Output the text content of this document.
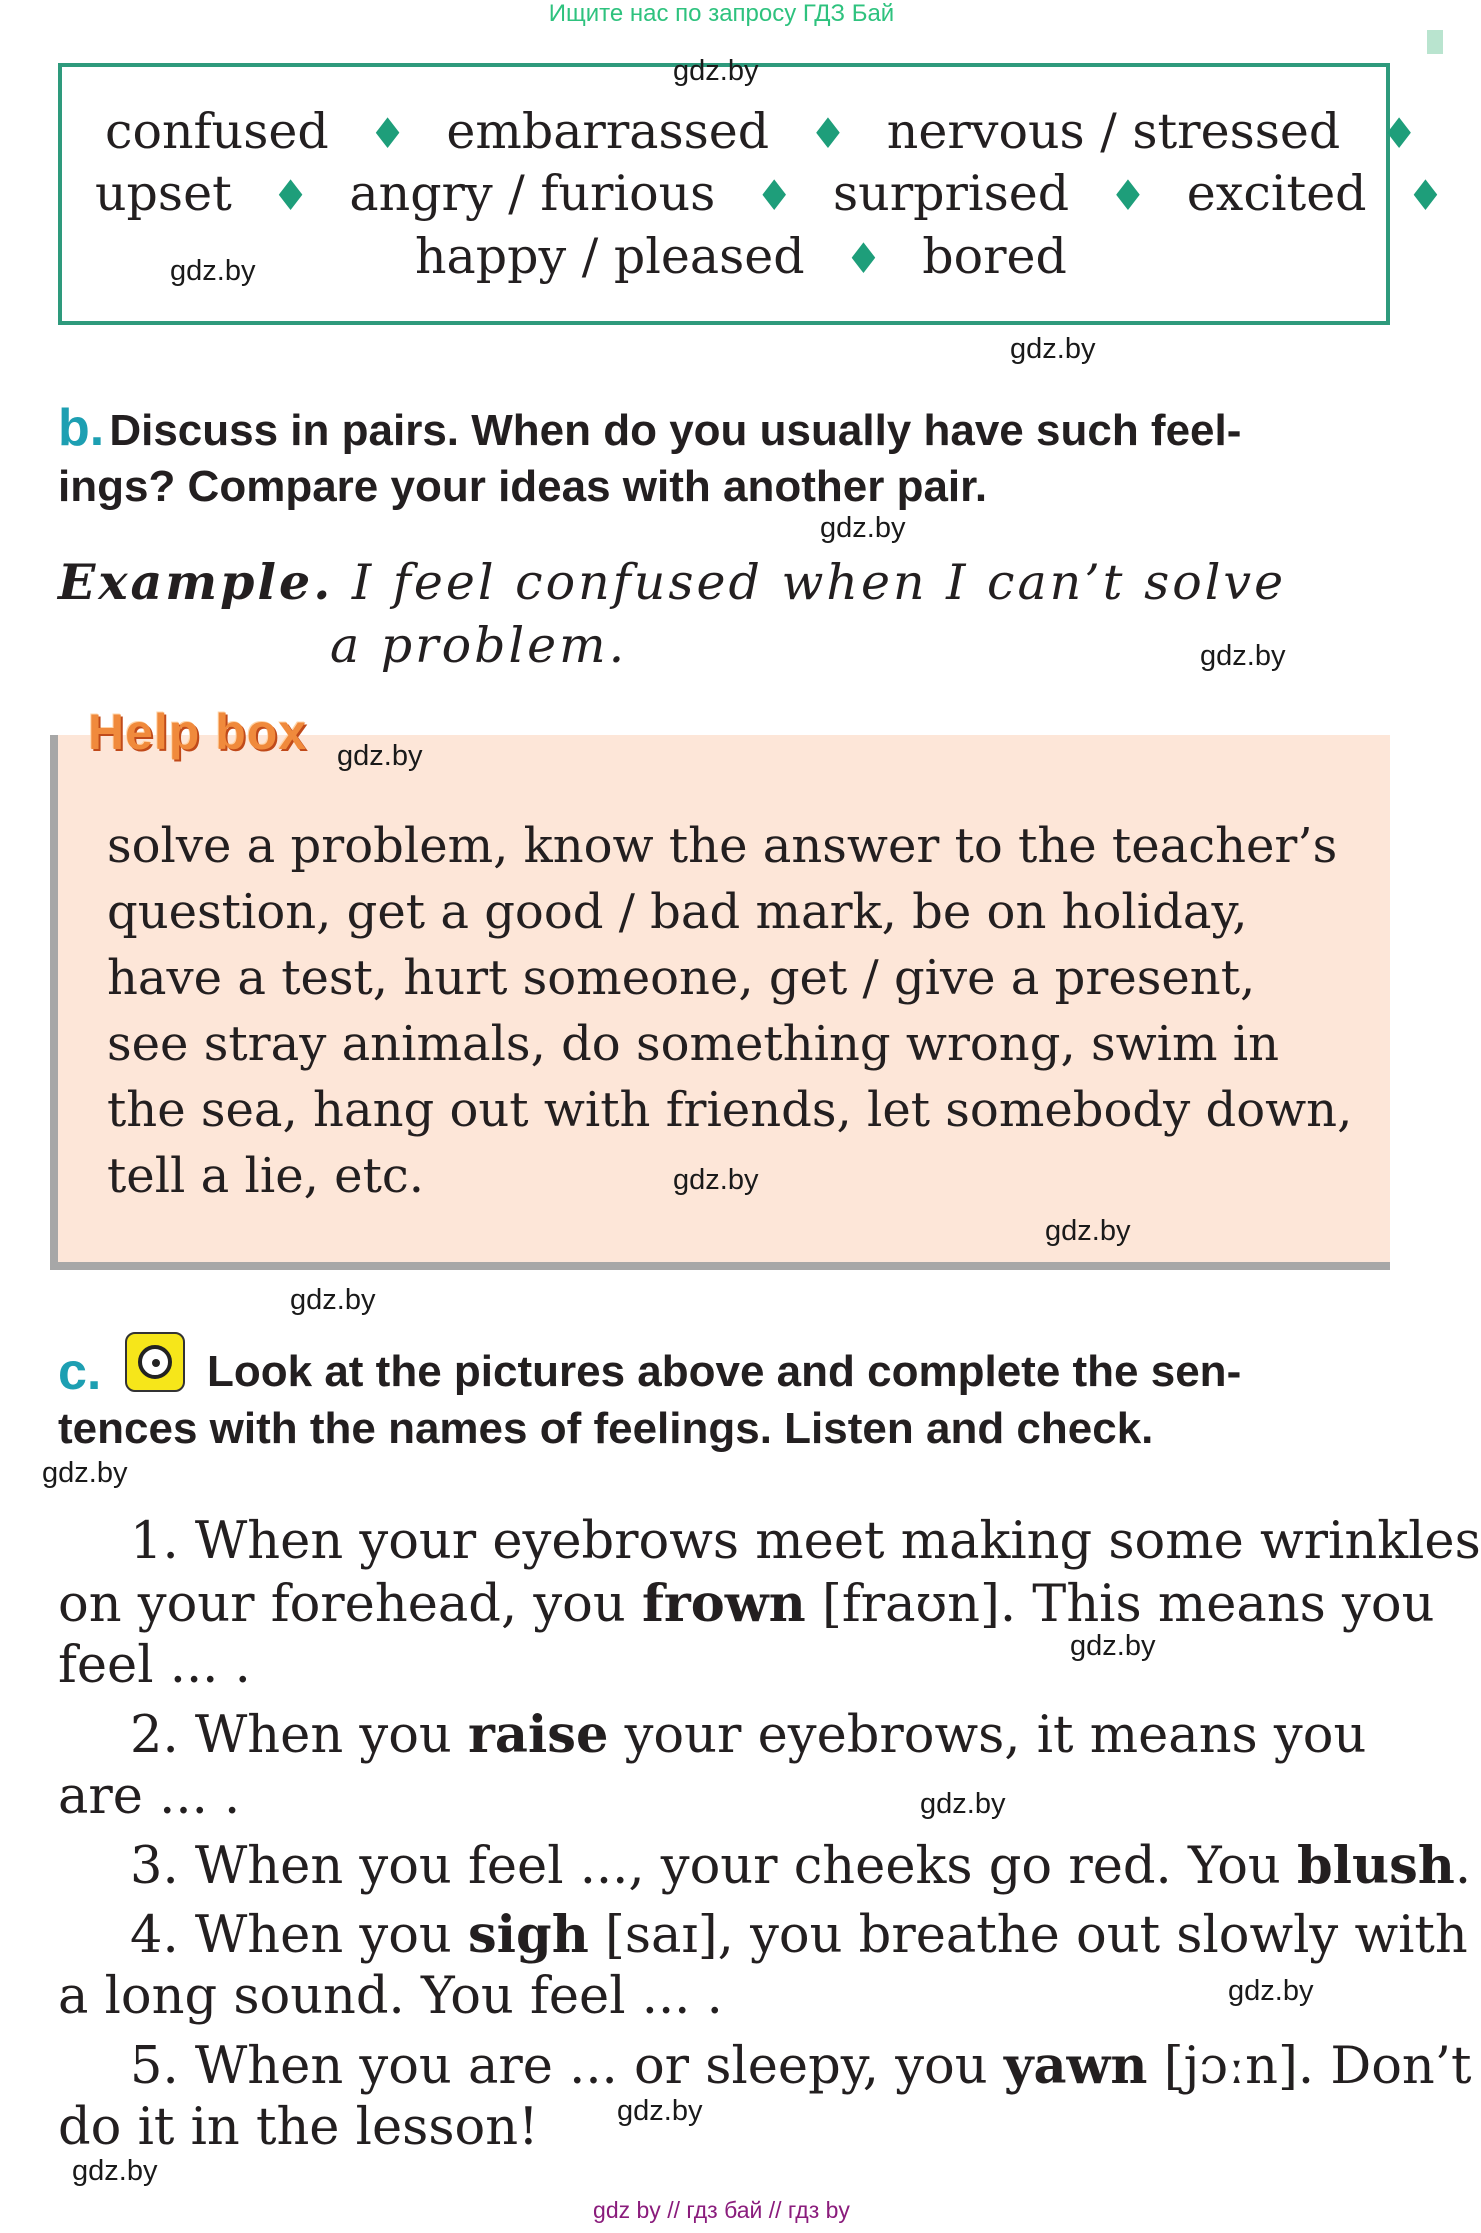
Ищите нас по запросу ГДЗ Бай
confused ♦ embarrassed ♦ nervous / stressed ♦
upset ♦ angry / furious ♦ surprised ♦ excited ♦
happy / pleased ♦ bored
b. Discuss in pairs. When do you usually have such feel-
ings? Compare your ideas with another pair.
Example. I feel confused when I can’t solve
a problem.
Help box
solve a problem, know the answer to the teacher’s
question, get a good / bad mark, be on holiday,
have a test, hurt someone, get / give a present,
see stray animals, do something wrong, swim in
the sea, hang out with friends, let somebody down,
tell a lie, etc.
c. Look at the pictures above and complete the sen-
tences with the names of feelings. Listen and check.
1. When your eyebrows meet making some wrinkles
on your forehead, you frown [fraʊn]. This means you
feel ... .
2. When you raise your eyebrows, it means you
are ... .
3. When you feel ..., your cheeks go red. You blush.
4. When you sigh [saɪ], you breathe out slowly with
a long sound. You feel ... .
5. When you are ... or sleepy, you yawn [jɔːn]. Don’t
do it in the lesson!
gdz.by
gdz.by
gdz.by
gdz.by
gdz.by
gdz.by
gdz.by
gdz.by
gdz.by
gdz.by
gdz.by
gdz.by
gdz.by
gdz.by
gdz.by
gdz by // гдз бай // гдз by
